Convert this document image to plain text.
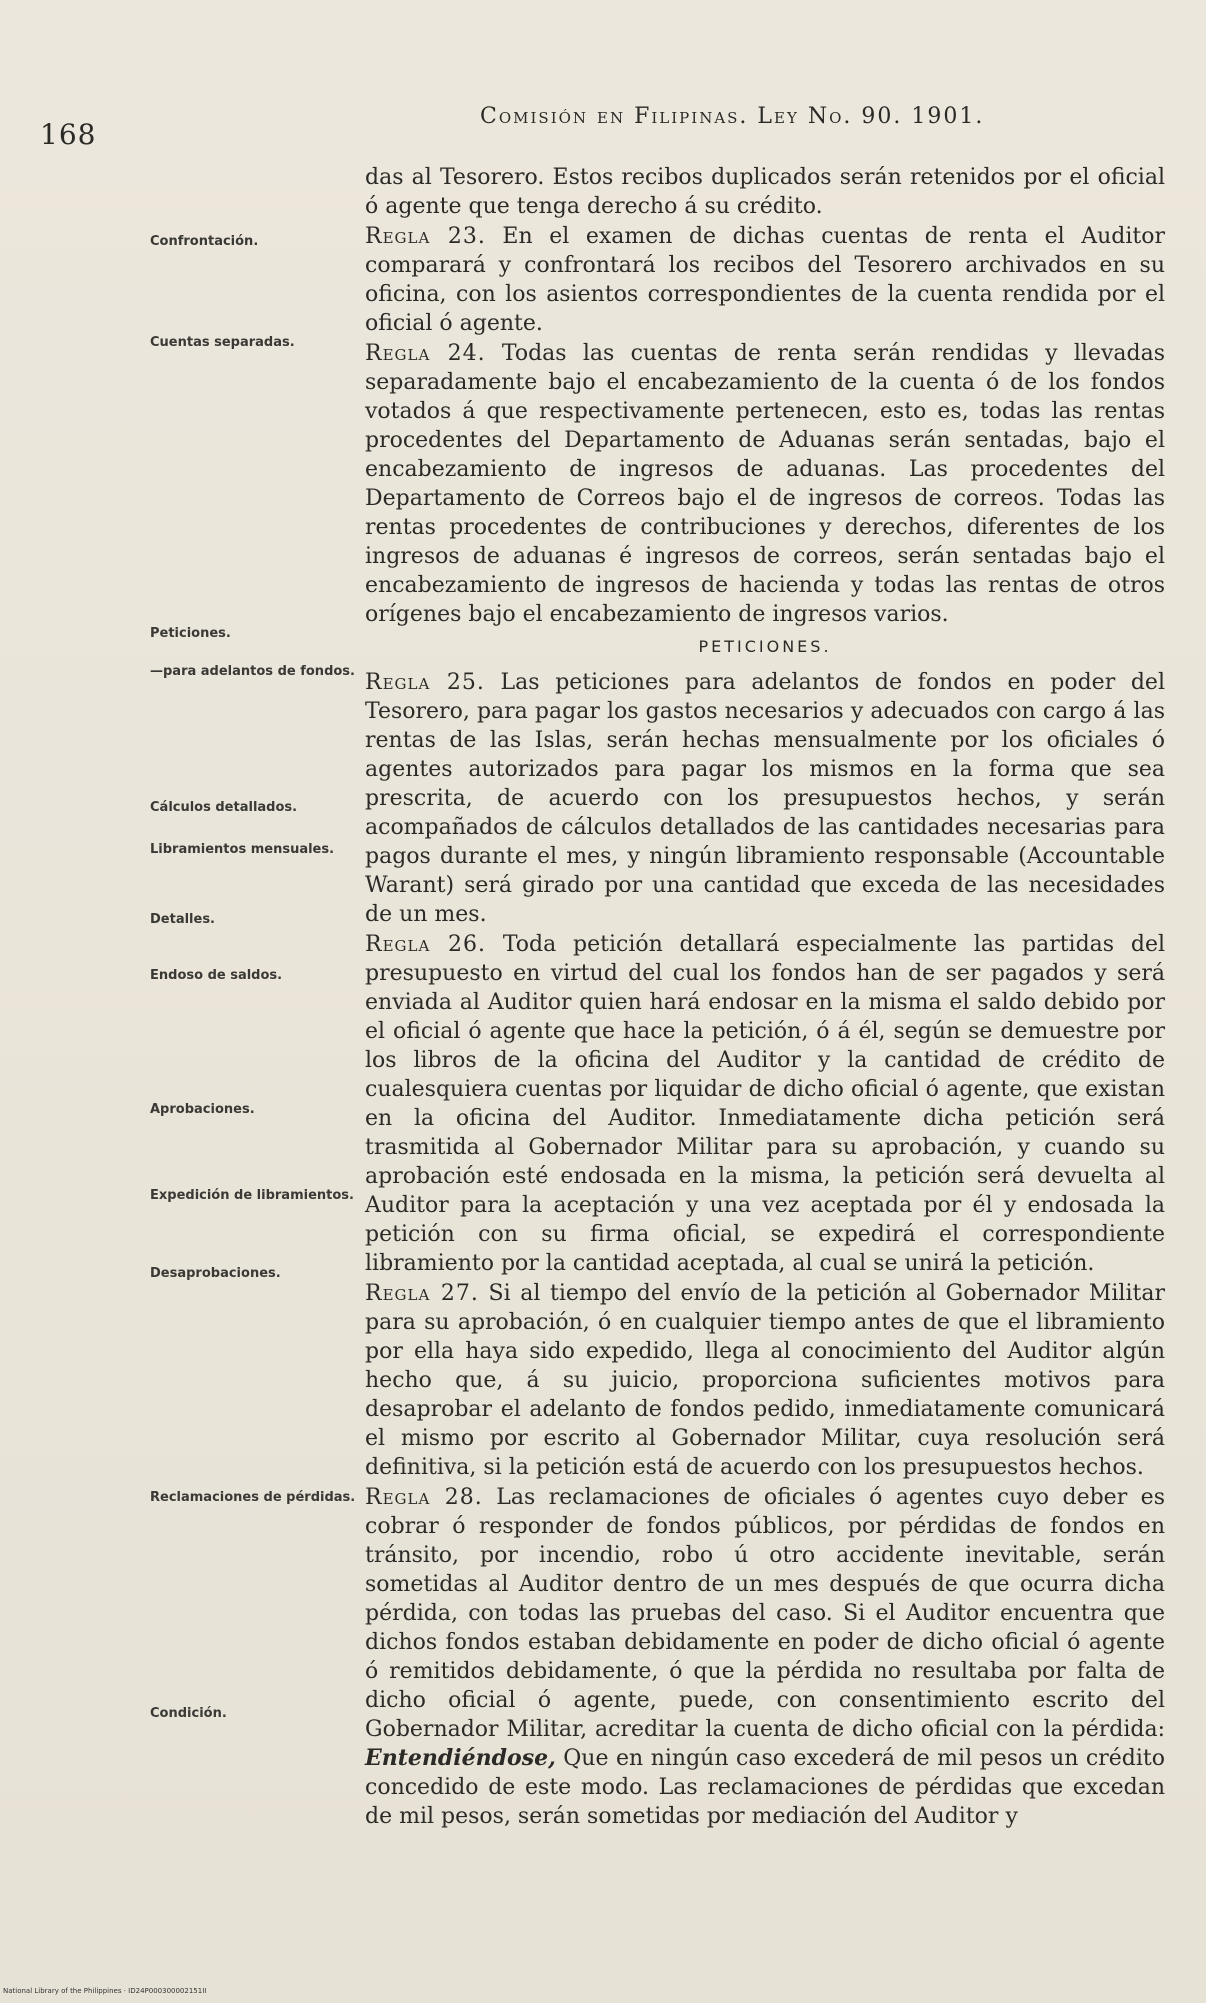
168
Comisión en Filipinas. Ley No. 90. 1901.
Confrontación.
Cuentas separadas.
Peticiones.
—para adelantos de fondos.
Cálculos detallados.
Libramientos mensuales.
Detalles.
Endoso de saldos.
Aprobaciones.
Expedición de libramientos.
Desaprobaciones.
Reclamaciones de pérdidas.
Condición.

das al Tesorero. Estos recibos duplicados serán retenidos por el oficial ó agente que tenga derecho á su crédito.

Regla 23. En el examen de dichas cuentas de renta el Auditor comparará y confrontará los recibos del Tesorero archivados en su oficina, con los asientos correspondientes de la cuenta rendida por el oficial ó agente.

Regla 24. Todas las cuentas de renta serán rendidas y llevadas separadamente bajo el encabezamiento de la cuenta ó de los fondos votados á que respectivamente pertenecen, esto es, todas las rentas procedentes del Departamento de Aduanas serán sentadas, bajo el encabezamiento de ingresos de aduanas. Las procedentes del Departamento de Correos bajo el de ingresos de correos. Todas las rentas procedentes de contribuciones y derechos, diferentes de los ingresos de aduanas é ingresos de correos, serán sentadas bajo el encabezamiento de ingresos de hacienda y todas las rentas de otros orígenes bajo el encabezamiento de ingresos varios.

PETICIONES.

Regla 25. Las peticiones para adelantos de fondos en poder del Tesorero, para pagar los gastos necesarios y adecuados con cargo á las rentas de las Islas, serán hechas mensualmente por los oficiales ó agentes autorizados para pagar los mismos en la forma que sea prescrita, de acuerdo con los presupuestos hechos, y serán acompañados de cálculos detallados de las cantidades necesarias para pagos durante el mes, y ningún libramiento responsable (Accountable Warant) será girado por una cantidad que exceda de las necesidades de un mes.

Regla 26. Toda petición detallará especialmente las partidas del presupuesto en virtud del cual los fondos han de ser pagados y será enviada al Auditor quien hará endosar en la misma el saldo debido por el oficial ó agente que hace la petición, ó á él, según se demuestre por los libros de la oficina del Auditor y la cantidad de crédito de cualesquiera cuentas por liquidar de dicho oficial ó agente, que existan en la oficina del Auditor. Inmediatamente dicha petición será trasmitida al Gobernador Militar para su aprobación, y cuando su aprobación esté endosada en la misma, la petición será devuelta al Auditor para la aceptación y una vez aceptada por él y endosada la petición con su firma oficial, se expedirá el correspondiente libramiento por la cantidad aceptada, al cual se unirá la petición.

Regla 27. Si al tiempo del envío de la petición al Gobernador Militar para su aprobación, ó en cualquier tiempo antes de que el libramiento por ella haya sido expedido, llega al conocimiento del Auditor algún hecho que, á su juicio, proporciona suficientes motivos para desaprobar el adelanto de fondos pedido, inmediatamente comunicará el mismo por escrito al Gobernador Militar, cuya resolución será definitiva, si la petición está de acuerdo con los presupuestos hechos.

Regla 28. Las reclamaciones de oficiales ó agentes cuyo deber es cobrar ó responder de fondos públicos, por pérdidas de fondos en tránsito, por incendio, robo ú otro accidente inevitable, serán sometidas al Auditor dentro de un mes después de que ocurra dicha pérdida, con todas las pruebas del caso. Si el Auditor encuentra que dichos fondos estaban debidamente en poder de dicho oficial ó agente ó remitidos debidamente, ó que la pérdida no resultaba por falta de dicho oficial ó agente, puede, con consentimiento escrito del Gobernador Militar, acreditar la cuenta de dicho oficial con la pérdida: Entendiéndose, Que en ningún caso excederá de mil pesos un crédito concedido de este modo. Las reclamaciones de pérdidas que excedan de mil pesos, serán sometidas por mediación del Auditor y

National Library of the Philippines · ID24P000300002151II
